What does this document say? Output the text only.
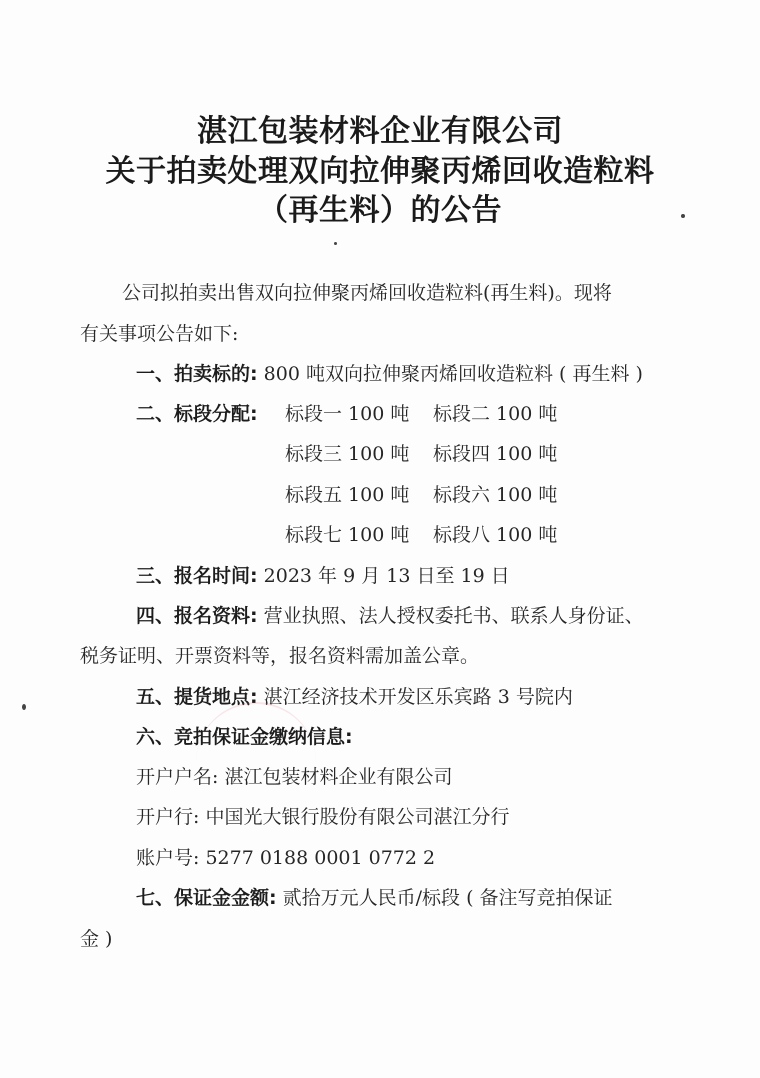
湛江包装材料企业有限公司
关于拍卖处理双向拉伸聚丙烯回收造粒料
（再生料）的公告
公司拟拍卖出售双向拉伸聚丙烯回收造粒料(再生料)。现将
有关事项公告如下:
一、拍卖标的: 800 吨双向拉伸聚丙烯回收造粒料 ( 再生料 )
二、标段分配: 标段一 100 吨 标段二 100 吨
标段三 100 吨 标段四 100 吨
标段五 100 吨 标段六 100 吨
标段七 100 吨 标段八 100 吨
三、报名时间: 2023 年 9 月 13 日至 19 日
四、报名资料: 营业执照、法人授权委托书、联系人身份证、
税务证明、开票资料等，报名资料需加盖公章。
五、提货地点: 湛江经济技术开发区乐宾路 3 号院内
六、竞拍保证金缴纳信息:
开户户名: 湛江包装材料企业有限公司
开户行: 中国光大银行股份有限公司湛江分行
账户号: 5277 0188 0001 0772 2
七、保证金金额: 贰拾万元人民币/标段 ( 备注写竞拍保证
金 )
